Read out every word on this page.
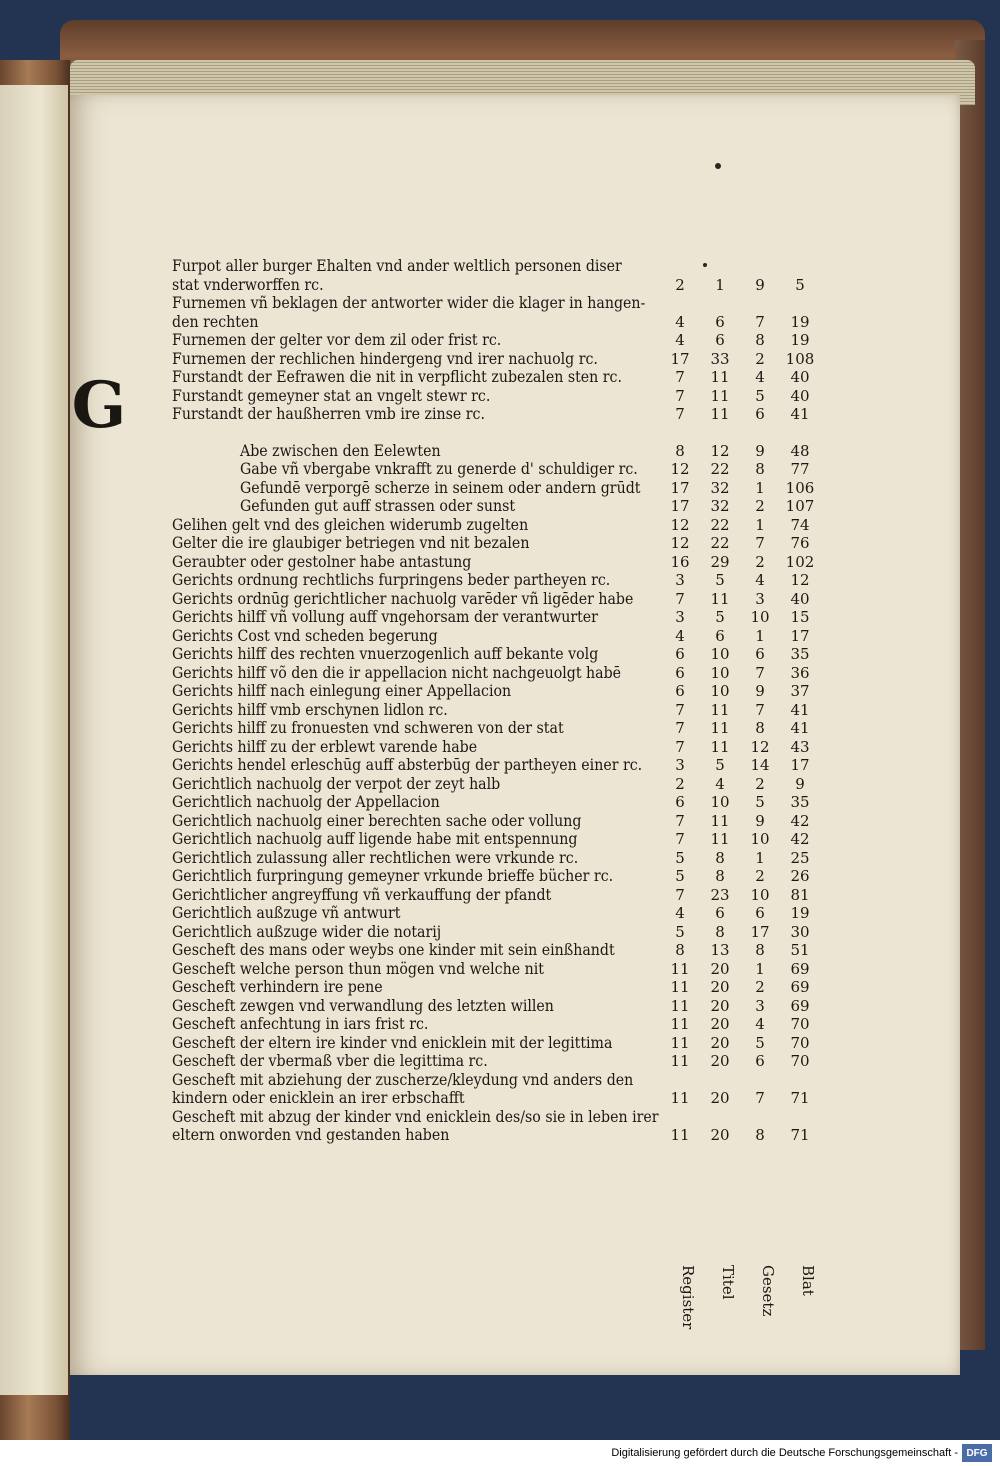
G
Furpot aller burger Ehalten vnd ander weltlich personen diser
stat vnderworffen rc.	2	1	9	5
Furnemen vñ beklagen der antworter wider die klager in hangen-
den rechten	4	6	7	19
Furnemen der gelter vor dem zil oder frist rc.	4	6	8	19
Furnemen der rechlichen hindergeng vnd irer nachuolg rc.	17	33	2	108
Furstandt der Eefrawen die nit in verpflicht zubezalen sten rc.	7	11	4	40
Furstandt gemeyner stat an vngelt stewr rc.	7	11	5	40
Furstandt der haußherren vmb ire zinse rc.	7	11	6	41
Abe zwischen den Eelewten	8	12	9	48
Gabe vñ vbergabe vnkrafft zu generde d' schuldiger rc.	12	22	8	77
Gefundē verporgē scherze in seinem oder andern grūdt	17	32	1	106
Gefunden gut auff strassen oder sunst	17	32	2	107
Gelihen gelt vnd des gleichen widerumb zugelten	12	22	1	74
Gelter die ire glaubiger betriegen vnd nit bezalen	12	22	7	76
Geraubter oder gestolner habe antastung	16	29	2	102
Gerichts ordnung rechtlichs furpringens beder partheyen rc.	3	5	4	12
Gerichts ordnūg gerichtlicher nachuolg varēder vñ ligēder habe	7	11	3	40
Gerichts hilff vñ vollung auff vngehorsam der verantwurter	3	5	10	15
Gerichts Cost vnd scheden begerung	4	6	1	17
Gerichts hilff des rechten vnuerzogenlich auff bekante volg	6	10	6	35
Gerichts hilff võ den die ir appellacion nicht nachgeuolgt habē	6	10	7	36
Gerichts hilff nach einlegung einer Appellacion	6	10	9	37
Gerichts hilff vmb erschynen lidlon rc.	7	11	7	41
Gerichts hilff zu fronuesten vnd schweren von der stat	7	11	8	41
Gerichts hilff zu der erblewt varende habe	7	11	12	43
Gerichts hendel erleschūg auff absterbūg der partheyen einer rc.	3	5	14	17
Gerichtlich nachuolg der verpot der zeyt halb	2	4	2	9
Gerichtlich nachuolg der Appellacion	6	10	5	35
Gerichtlich nachuolg einer berechten sache oder vollung	7	11	9	42
Gerichtlich nachuolg auff ligende habe mit entspennung	7	11	10	42
Gerichtlich zulassung aller rechtlichen were vrkunde rc.	5	8	1	25
Gerichtlich furpringung gemeyner vrkunde brieffe bücher rc.	5	8	2	26
Gerichtlicher angreyffung vñ verkauffung der pfandt	7	23	10	81
Gerichtlich außzuge vñ antwurt	4	6	6	19
Gerichtlich außzuge wider die notarij	5	8	17	30
Gescheft des mans oder weybs one kinder mit sein einßhandt	8	13	8	51
Gescheft welche person thun mögen vnd welche nit	11	20	1	69
Gescheft verhindern ire pene	11	20	2	69
Gescheft zewgen vnd verwandlung des letzten willen	11	20	3	69
Gescheft anfechtung in iars frist rc.	11	20	4	70
Gescheft der eltern ire kinder vnd enicklein mit der legittima	11	20	5	70
Gescheft der vbermaß vber die legittima rc.	11	20	6	70
Gescheft mit abziehung der zuscherze/kleydung vnd anders den
kindern oder enicklein an irer erbschafft	11	20	7	71
Gescheft mit abzug der kinder vnd enicklein des/so sie in leben irer
eltern onworden vnd gestanden haben	11	20	8	71
Register Titel Gesetz Blat
Digitalisierung gefördert durch die Deutsche Forschungsgemeinschaft - DFG
